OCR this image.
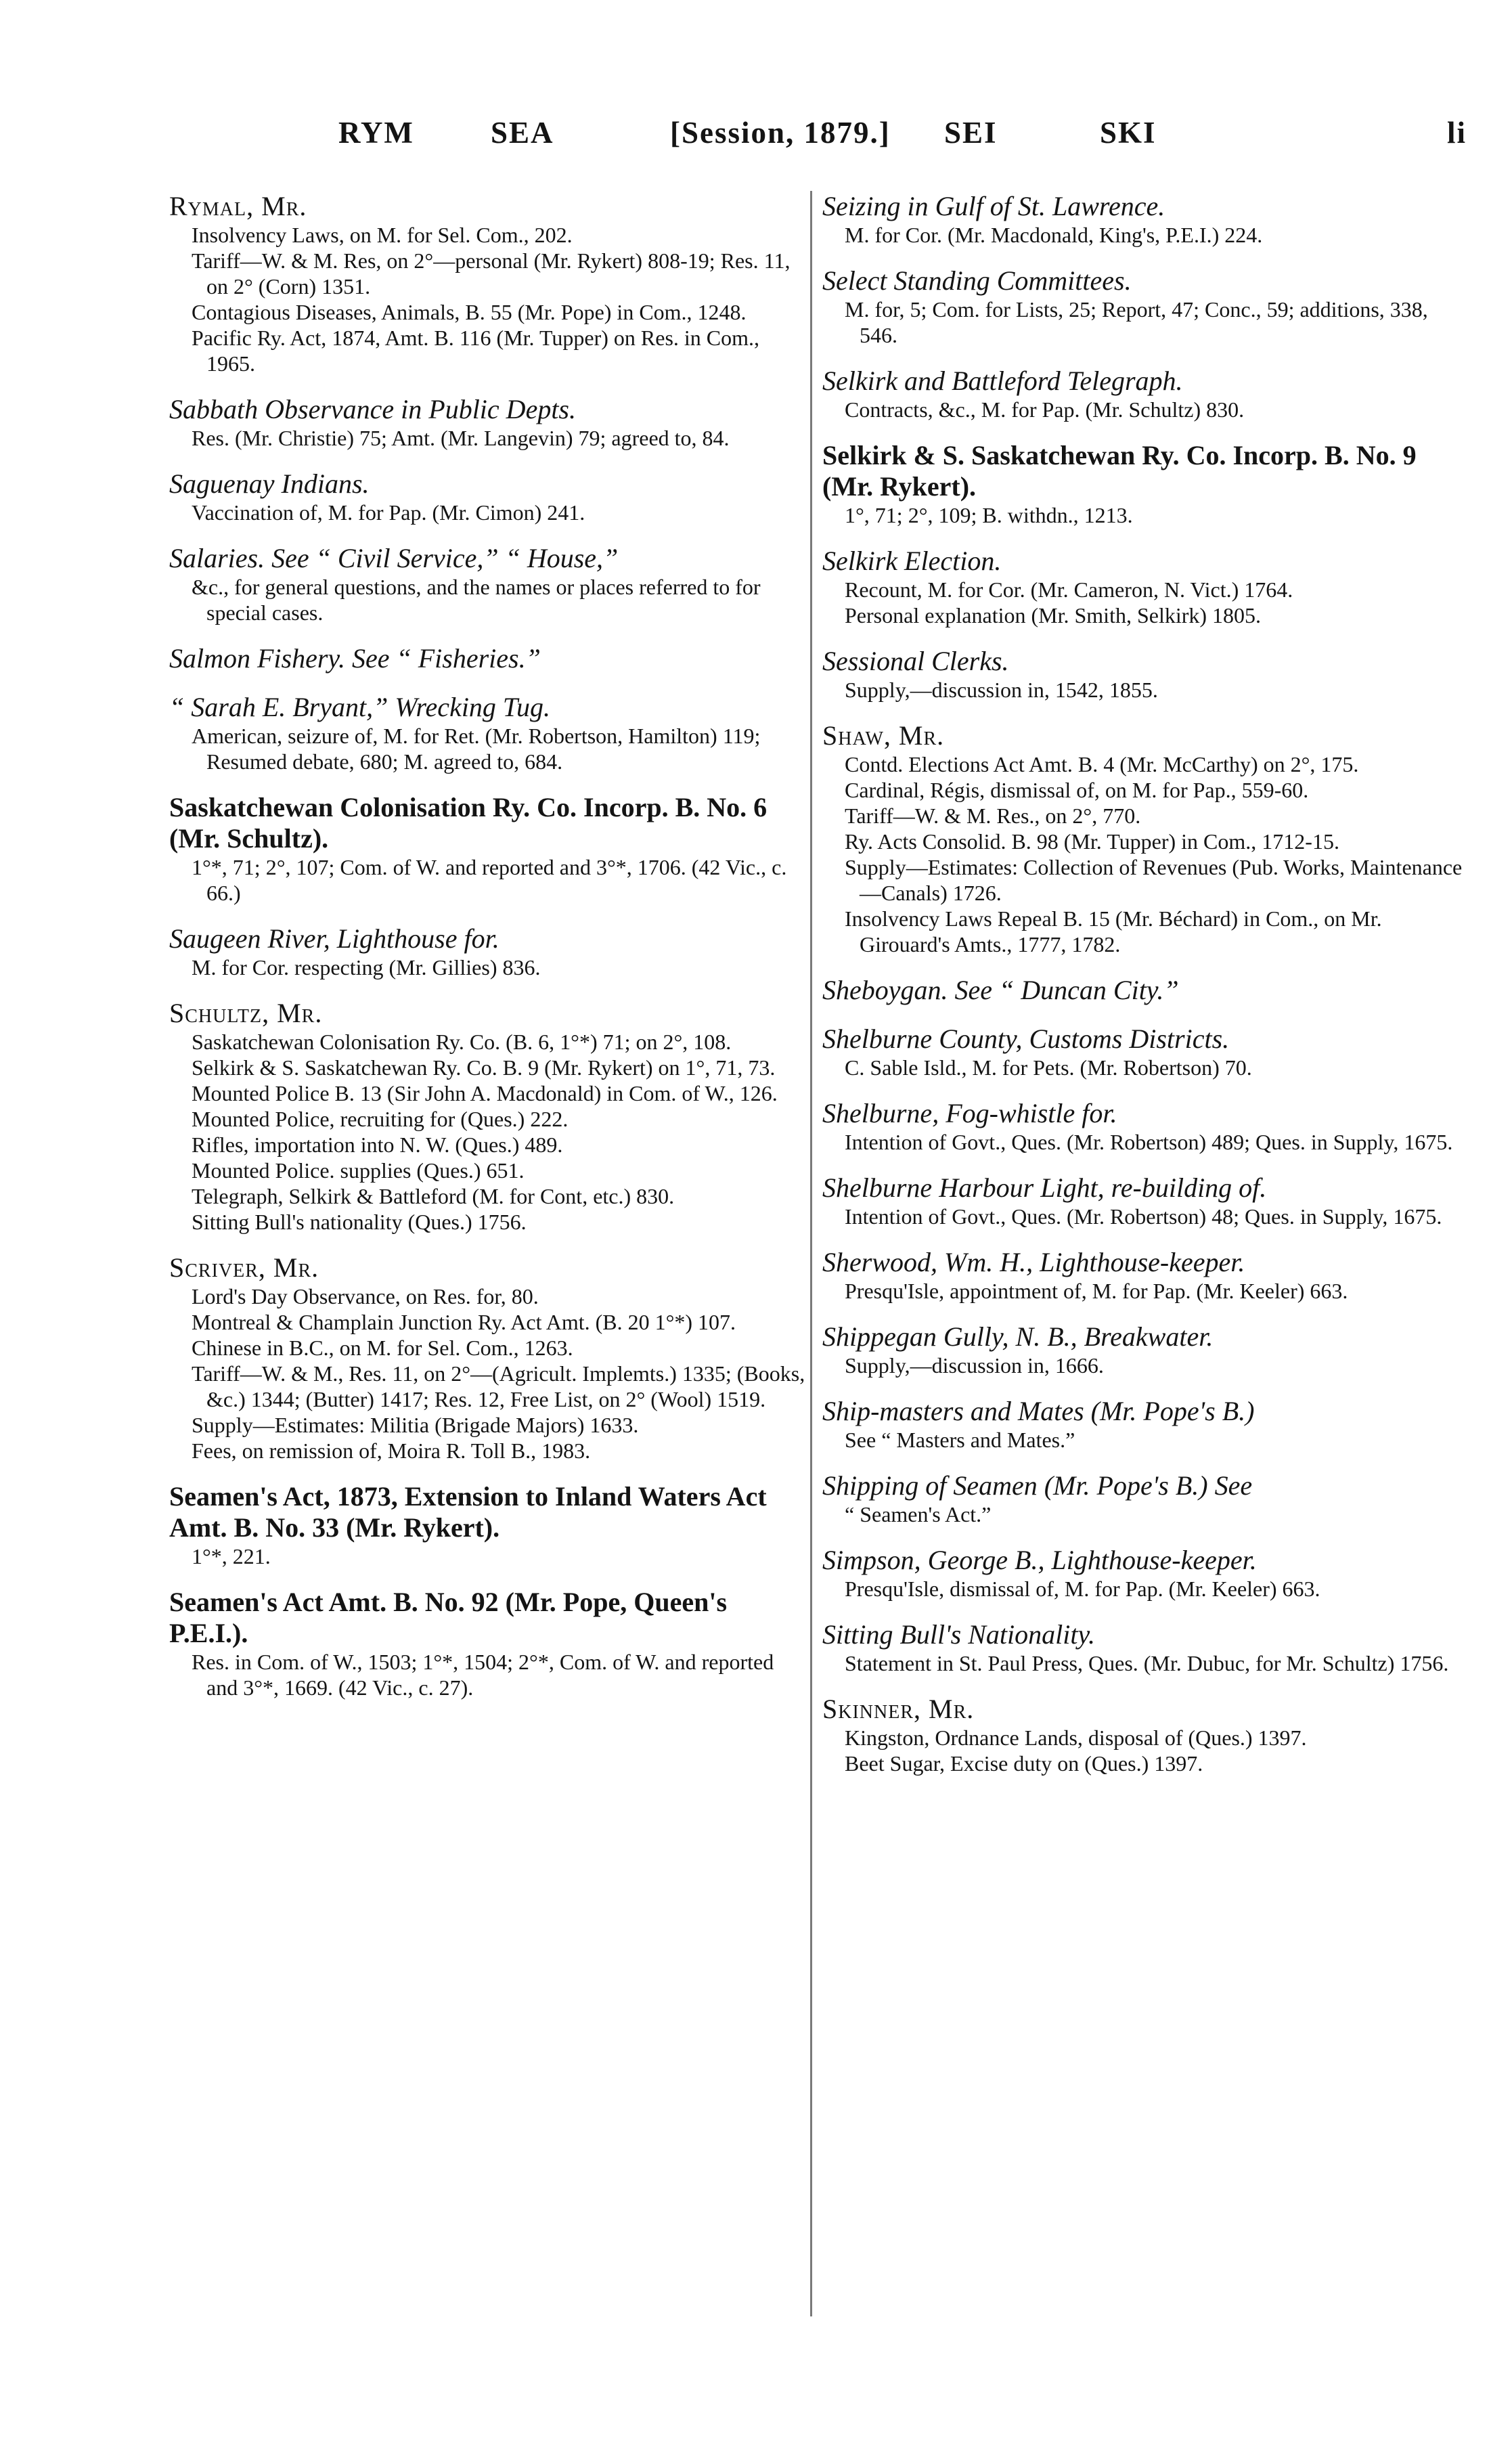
RYM	SEA	[Session, 1879.] SEI	SKI	li
Rymal, Mr.
Insolvency Laws, on M. for Sel. Com., 202.
Tariff—W. & M. Res, on 2°—personal (Mr. Rykert) 808-19; Res. 11, on 2° (Corn) 1351.
Contagious Diseases, Animals, B. 55 (Mr. Pope) in Com., 1248.
Pacific Ry. Act, 1874, Amt. B. 116 (Mr. Tupper) on Res. in Com., 1965.
Sabbath Observance in Public Depts.
Res. (Mr. Christie) 75; Amt. (Mr. Langevin) 79; agreed to, 84.
Saguenay Indians.
Vaccination of, M. for Pap. (Mr. Cimon) 241.
Salaries. See “ Civil Service,” “ House,”
&c., for general questions, and the names or places referred to for special cases.
Salmon Fishery. See “ Fisheries.”
“ Sarah E. Bryant,” Wrecking Tug.
American, seizure of, M. for Ret. (Mr. Robertson, Hamilton) 119; Resumed debate, 680; M. agreed to, 684.
Saskatchewan Colonisation Ry. Co. Incorp. B. No. 6 (Mr. Schultz).
1°*, 71; 2°, 107; Com. of W. and reported and 3°*, 1706. (42 Vic., c. 66.)
Saugeen River, Lighthouse for.
M. for Cor. respecting (Mr. Gillies) 836.
Schultz, Mr.
Saskatchewan Colonisation Ry. Co. (B. 6, 1°*) 71; on 2°, 108.
Selkirk & S. Saskatchewan Ry. Co. B. 9 (Mr. Rykert) on 1°, 71, 73.
Mounted Police B. 13 (Sir John A. Macdonald) in Com. of W., 126.
Mounted Police, recruiting for (Ques.) 222.
Rifles, importation into N. W. (Ques.) 489.
Mounted Police. supplies (Ques.) 651.
Telegraph, Selkirk & Battleford (M. for Cont, etc.) 830.
Sitting Bull's nationality (Ques.) 1756.
Scriver, Mr.
Lord's Day Observance, on Res. for, 80.
Montreal & Champlain Junction Ry. Act Amt. (B. 20 1°*) 107.
Chinese in B.C., on M. for Sel. Com., 1263.
Tariff—W. & M., Res. 11, on 2°—(Agricult. Implemts.) 1335; (Books, &c.) 1344; (Butter) 1417; Res. 12, Free List, on 2° (Wool) 1519.
Supply—Estimates: Militia (Brigade Majors) 1633.
Fees, on remission of, Moira R. Toll B., 1983.
Seamen's Act, 1873, Extension to Inland Waters Act Amt. B. No. 33 (Mr. Rykert).
1°*, 221.
Seamen's Act Amt. B. No. 92 (Mr. Pope, Queen's P.E.I.).
Res. in Com. of W., 1503; 1°*, 1504; 2°*, Com. of W. and reported and 3°*, 1669. (42 Vic., c. 27).
Seizing in Gulf of St. Lawrence.
M. for Cor. (Mr. Macdonald, King's, P.E.I.) 224.
Select Standing Committees.
M. for, 5; Com. for Lists, 25; Report, 47; Conc., 59; additions, 338, 546.
Selkirk and Battleford Telegraph.
Contracts, &c., M. for Pap. (Mr. Schultz) 830.
Selkirk & S. Saskatchewan Ry. Co. Incorp. B. No. 9 (Mr. Rykert).
1°, 71; 2°, 109; B. withdn., 1213.
Selkirk Election.
Recount, M. for Cor. (Mr. Cameron, N. Vict.) 1764.
Personal explanation (Mr. Smith, Selkirk) 1805.
Sessional Clerks.
Supply,—discussion in, 1542, 1855.
Shaw, Mr.
Contd. Elections Act Amt. B. 4 (Mr. McCarthy) on 2°, 175.
Cardinal, Régis, dismissal of, on M. for Pap., 559-60.
Tariff—W. & M. Res., on 2°, 770.
Ry. Acts Consolid. B. 98 (Mr. Tupper) in Com., 1712-15.
Supply—Estimates: Collection of Revenues (Pub. Works, Maintenance—Canals) 1726.
Insolvency Laws Repeal B. 15 (Mr. Béchard) in Com., on Mr. Girouard's Amts., 1777, 1782.
Sheboygan. See “ Duncan City.”
Shelburne County, Customs Districts.
C. Sable Isld., M. for Pets. (Mr. Robertson) 70.
Shelburne, Fog-whistle for.
Intention of Govt., Ques. (Mr. Robertson) 489; Ques. in Supply, 1675.
Shelburne Harbour Light, re-building of.
Intention of Govt., Ques. (Mr. Robertson) 48; Ques. in Supply, 1675.
Sherwood, Wm. H., Lighthouse-keeper.
Presqu'Isle, appointment of, M. for Pap. (Mr. Keeler) 663.
Shippegan Gully, N. B., Breakwater.
Supply,—discussion in, 1666.
Ship-masters and Mates (Mr. Pope's B.)
See “ Masters and Mates.”
Shipping of Seamen (Mr. Pope's B.) See
“ Seamen's Act.”
Simpson, George B., Lighthouse-keeper.
Presqu'Isle, dismissal of, M. for Pap. (Mr. Keeler) 663.
Sitting Bull's Nationality.
Statement in St. Paul Press, Ques. (Mr. Dubuc, for Mr. Schultz) 1756.
Skinner, Mr.
Kingston, Ordnance Lands, disposal of (Ques.) 1397.
Beet Sugar, Excise duty on (Ques.) 1397.
